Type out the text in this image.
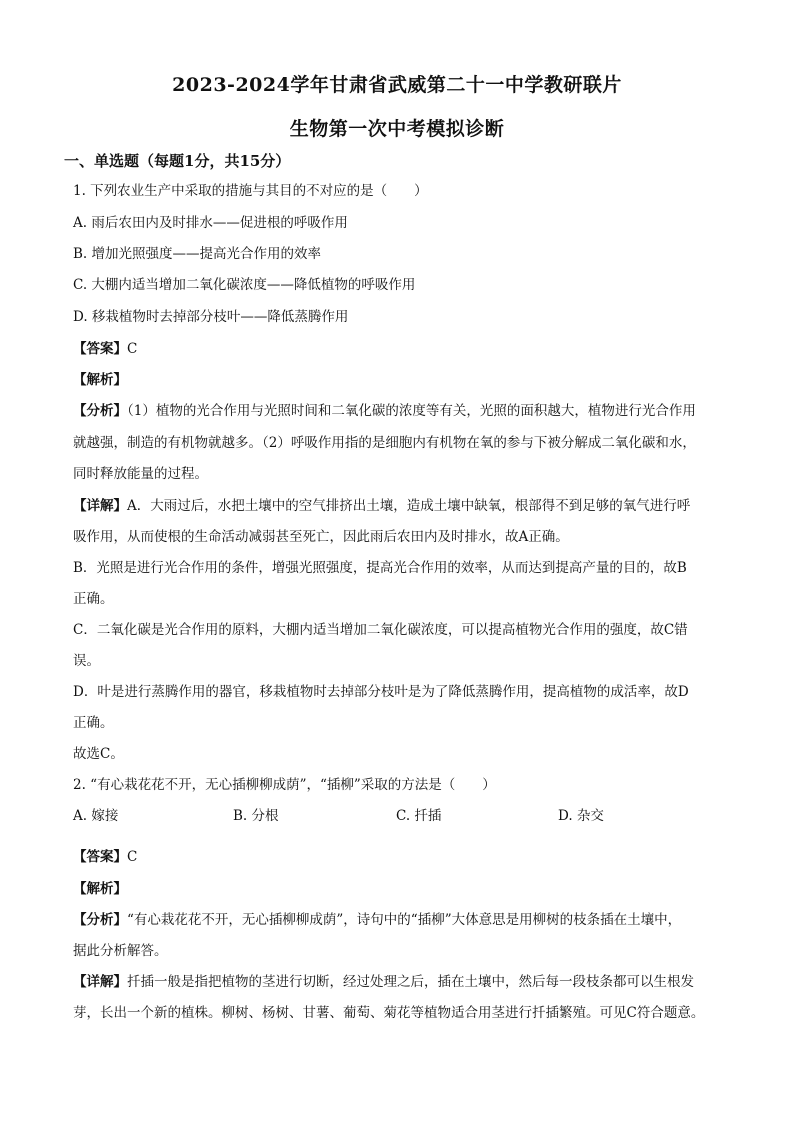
2023-2024学年甘肃省武威第二十一中学教研联片
生物第一次中考模拟诊断
一、单选题（每题1分，共15分）
1. 下列农业生产中采取的措施与其目的不对应的是（　　）
A. 雨后农田内及时排水——促进根的呼吸作用
B. 增加光照强度——提高光合作用的效率
C. 大棚内适当增加二氧化碳浓度——降低植物的呼吸作用
D. 移栽植物时去掉部分枝叶——降低蒸腾作用
【答案】C
【解析】
【分析】（1）植物的光合作用与光照时间和二氧化碳的浓度等有关，光照的面积越大，植物进行光合作用
就越强，制造的有机物就越多。（2）呼吸作用指的是细胞内有机物在氧的参与下被分解成二氧化碳和水，
同时释放能量的过程。
【详解】A．大雨过后，水把土壤中的空气排挤出土壤，造成土壤中缺氧，根部得不到足够的氧气进行呼
吸作用，从而使根的生命活动减弱甚至死亡，因此雨后农田内及时排水，故A正确。
B．光照是进行光合作用的条件，增强光照强度，提高光合作用的效率，从而达到提高产量的目的，故B
正确。
C．二氧化碳是光合作用的原料，大棚内适当增加二氧化碳浓度，可以提高植物光合作用的强度，故C错
误。
D．叶是进行蒸腾作用的器官，移栽植物时去掉部分枝叶是为了降低蒸腾作用，提高植物的成活率，故D
正确。
故选C。
2. “有心栽花花不开，无心插柳柳成荫”，“插柳”采取的方法是（　　）
A. 嫁接	B. 分根	C. 扦插	D. 杂交
【答案】C
【解析】
【分析】“有心栽花花不开，无心插柳柳成荫”，诗句中的“插柳”大体意思是用柳树的枝条插在土壤中，
据此分析解答。
【详解】扦插一般是指把植物的茎进行切断，经过处理之后，插在土壤中，然后每一段枝条都可以生根发
芽，长出一个新的植株。柳树、杨树、甘薯、葡萄、菊花等植物适合用茎进行扦插繁殖。可见C符合题意。
